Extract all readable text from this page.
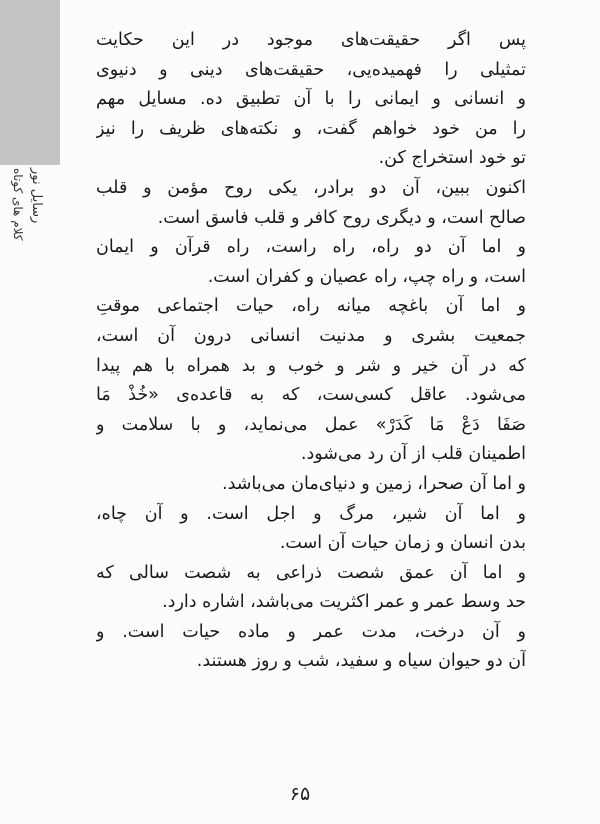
رسایل نور
کلام های کوتاه
پس اگر حقیقت‌های موجود در این حکایت
تمثیلی را فهمیده‌یی، حقیقت‌های دینی و دنیوی
و انسانی و ایمانی را با آن تطبیق ده. مسایل مهم
را من خود خواهم گفت، و نکته‌های ظریف را نیز
تو خود استخراج کن.
اکنون ببین، آن دو برادر، یکی روح مؤمن و قلب
صالح است، و دیگری روح کافر و قلب فاسق است.
و اما آن دو راه، راه راست، راه قرآن و ایمان
است، و راه چپ، راه عصیان و کفران است.
و اما آن باغچه میانه راه، حیات اجتماعی موقتِ
جمعیت بشری و مدنیت انسانی درون آن است،
که در آن خیر و شر و خوب و بد همراه با هم پیدا
می‌شود. عاقل کسی‌ست، که به قاعده‌ی «خُذْ مَا
صَفَا دَعْ مَا كَدَرْ» عمل می‌نماید، و با سلامت و
اطمینان قلب از آن رد می‌شود.
و اما آن صحرا، زمین و دنیای‌مان می‌باشد.
و اما آن شیر، مرگ و اجل است. و آن چاه،
بدن انسان و زمان حیات آن است.
و اما آن عمق شصت ذراعی به شصت سالی که
حد وسط عمر و عمر اکثریت می‌باشد، اشاره دارد.
و آن درخت، مدت عمر و ماده حیات است. و
آن دو حیوان سیاه و سفید، شب و روز هستند.
۶۵
